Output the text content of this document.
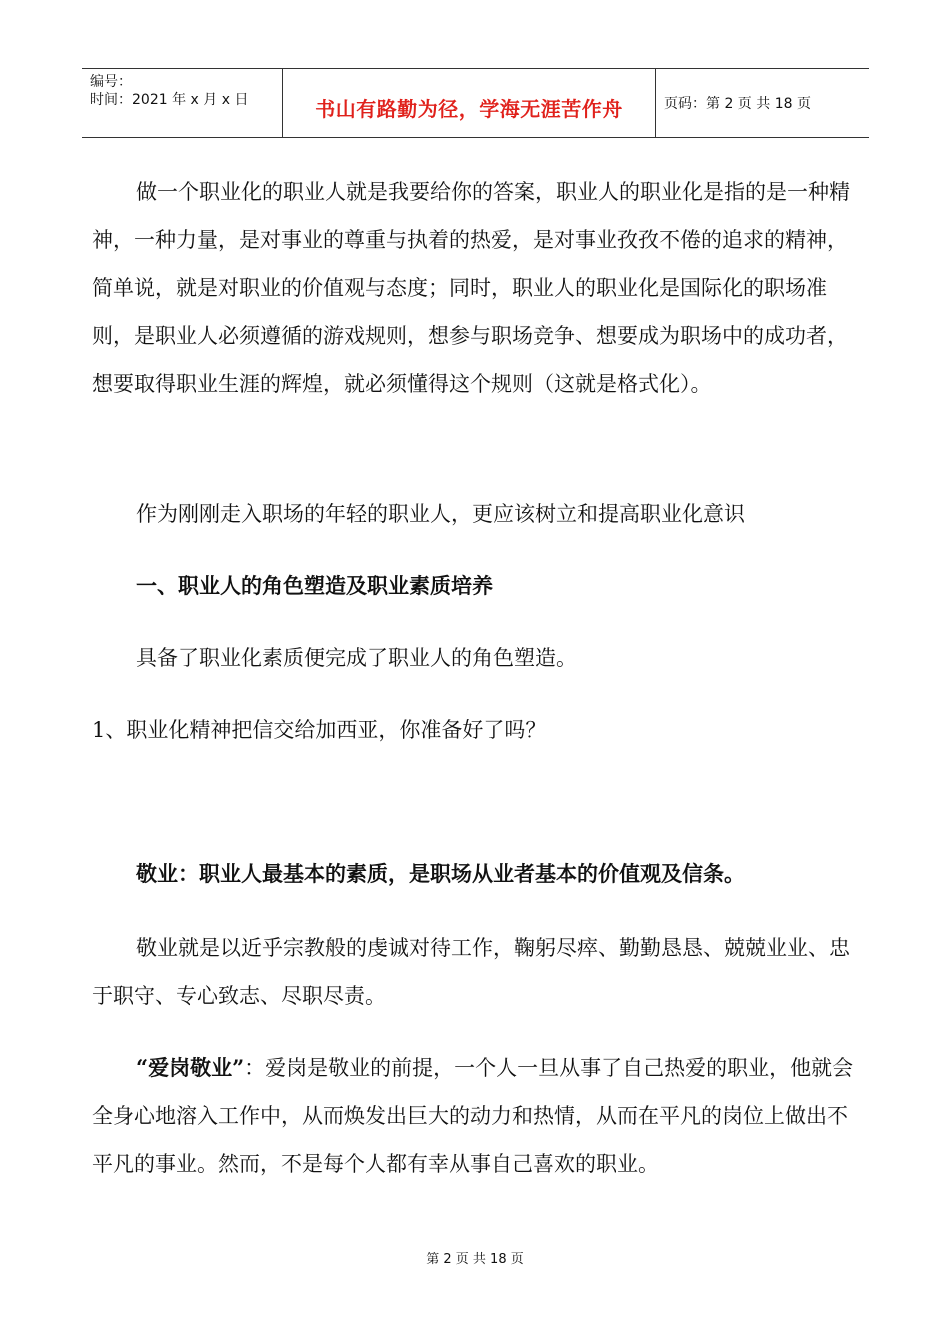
编号：
时间：2021 年 x 月 x 日	书山有路勤为径，学海无涯苦作舟	页码：第 2 页 共 18 页

做一个职业化的职业人就是我要给你的答案，职业人的职业化是指的是一种精神，一种力量，是对事业的尊重与执着的热爱，是对事业孜孜不倦的追求的精神，简单说，就是对职业的价值观与态度；同时，职业人的职业化是国际化的职场准则，是职业人必须遵循的游戏规则，想参与职场竞争、想要成为职场中的成功者，想要取得职业生涯的辉煌，就必须懂得这个规则（这就是格式化）。

作为刚刚走入职场的年轻的职业人，更应该树立和提高职业化意识

一、职业人的角色塑造及职业素质培养

具备了职业化素质便完成了职业人的角色塑造。

1、职业化精神把信交给加西亚，你准备好了吗？

敬业：职业人最基本的素质，是职场从业者基本的价值观及信条。

敬业就是以近乎宗教般的虔诚对待工作，鞠躬尽瘁、勤勤恳恳、兢兢业业、忠于职守、专心致志、尽职尽责。

“爱岗敬业”：爱岗是敬业的前提，一个人一旦从事了自己热爱的职业，他就会全身心地溶入工作中，从而焕发出巨大的动力和热情，从而在平凡的岗位上做出不平凡的事业。然而，不是每个人都有幸从事自己喜欢的职业。

第 2 页 共 18 页
